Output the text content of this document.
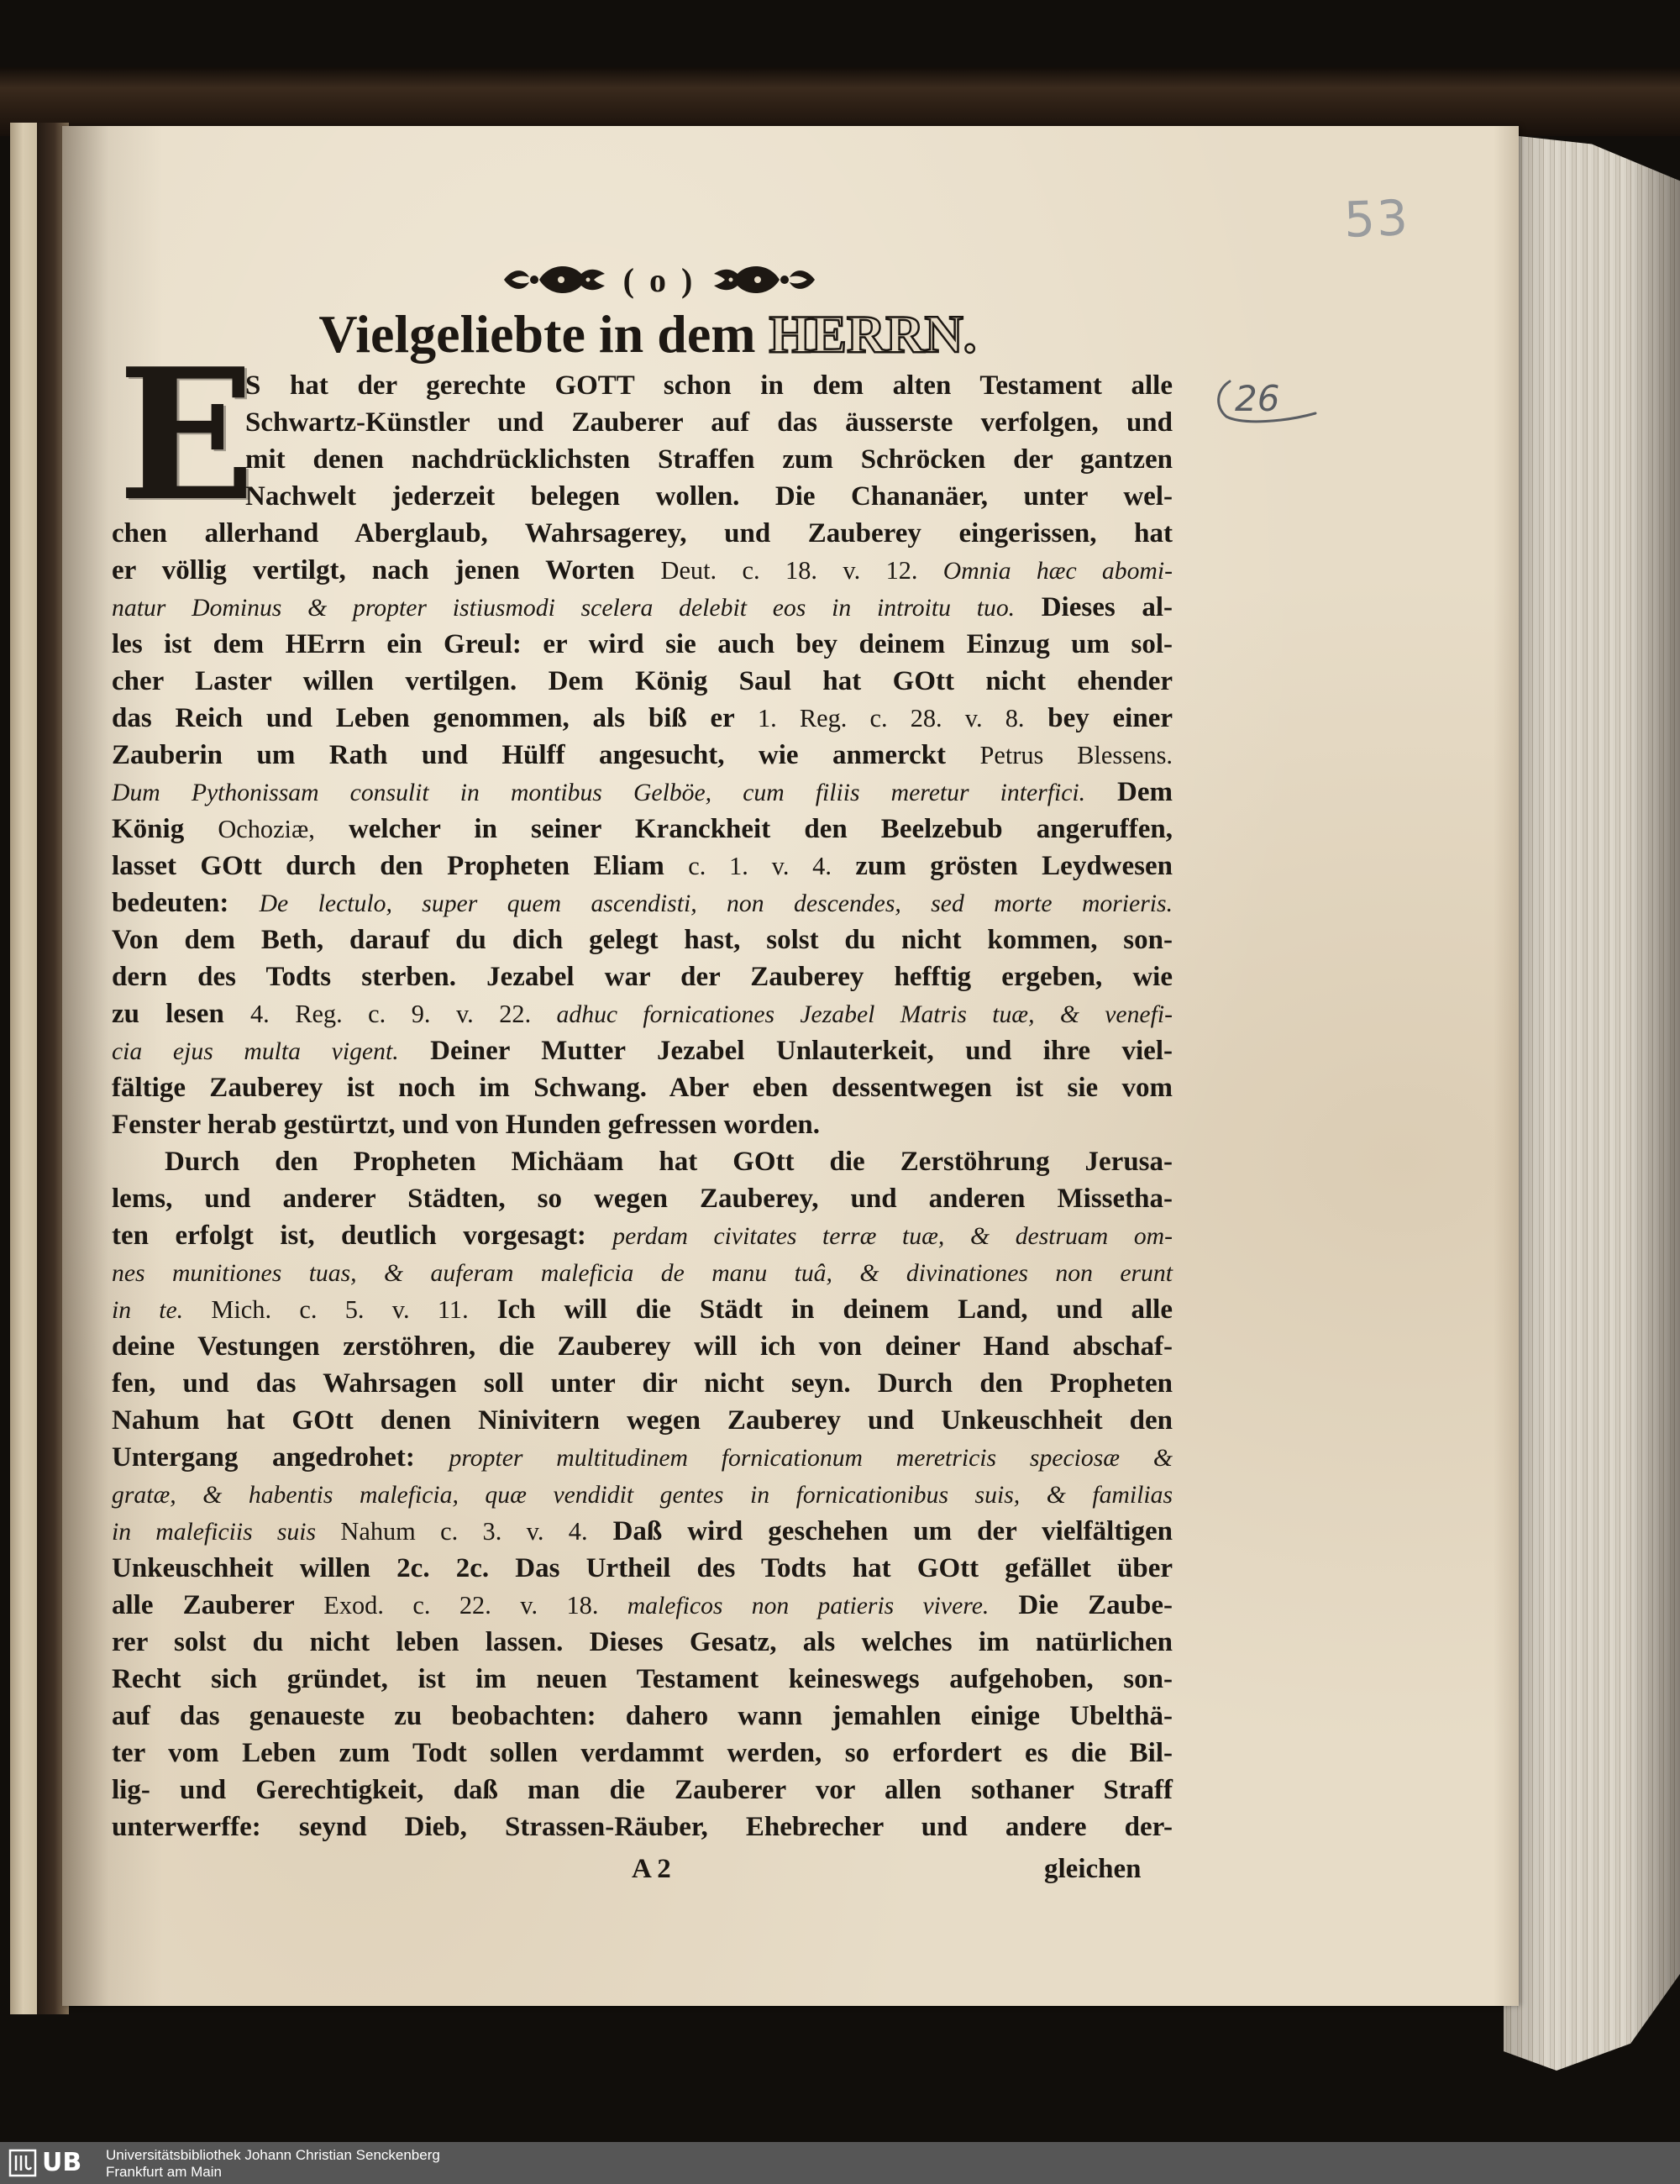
( o )
Vielgeliebte in dem HERRN.
E
S hat der gerechte GOTT schon in dem alten Testament alle
Schwartz-Künstler und Zauberer auf das äusserste verfolgen, und
mit denen nachdrücklichsten Straffen zum Schröcken der gantzen
Nachwelt jederzeit belegen wollen. Die Chananäer, unter wel-
chen allerhand Aberglaub, Wahrsagerey, und Zauberey eingerissen, hat
er völlig vertilgt, nach jenen Worten Deut. c. 18. v. 12. Omnia hæc abomi-
natur Dominus & propter istiusmodi scelera delebit eos in introitu tuo. Dieses al-
les ist dem HErrn ein Greul: er wird sie auch bey deinem Einzug um sol-
cher Laster willen vertilgen. Dem König Saul hat GOtt nicht ehender
das Reich und Leben genommen, als biß er 1. Reg. c. 28. v. 8. bey einer
Zauberin um Rath und Hülff angesucht, wie anmerckt Petrus Blessens.
Dum Pythonissam consulit in montibus Gelböe, cum filiis meretur interfici. Dem
König Ochoziæ, welcher in seiner Kranckheit den Beelzebub angeruffen,
lasset GOtt durch den Propheten Eliam c. 1. v. 4. zum grösten Leydwesen
bedeuten: De lectulo, super quem ascendisti, non descendes, sed morte morieris.
Von dem Beth, darauf du dich gelegt hast, solst du nicht kommen, son-
dern des Todts sterben. Jezabel war der Zauberey hefftig ergeben, wie
zu lesen 4. Reg. c. 9. v. 22. adhuc fornicationes Jezabel Matris tuæ, & venefi-
cia ejus multa vigent. Deiner Mutter Jezabel Unlauterkeit, und ihre viel-
fältige Zauberey ist noch im Schwang. Aber eben dessentwegen ist sie vom
Fenster herab gestürtzt, und von Hunden gefressen worden.
Durch den Propheten Michäam hat GOtt die Zerstöhrung Jerusa-
lems, und anderer Städten, so wegen Zauberey, und anderen Missetha-
ten erfolgt ist, deutlich vorgesagt: perdam civitates terræ tuæ, & destruam om-
nes munitiones tuas, & auferam maleficia de manu tuâ, & divinationes non erunt
in te. Mich. c. 5. v. 11. Ich will die Städt in deinem Land, und alle
deine Vestungen zerstöhren, die Zauberey will ich von deiner Hand abschaf-
fen, und das Wahrsagen soll unter dir nicht seyn. Durch den Propheten
Nahum hat GOtt denen Ninivitern wegen Zauberey und Unkeuschheit den
Untergang angedrohet: propter multitudinem fornicationum meretricis speciosæ &
gratæ, & habentis maleficia, quæ vendidit gentes in fornicationibus suis, & familias
in maleficiis suis Nahum c. 3. v. 4. Daß wird geschehen um der vielfältigen
Unkeuschheit willen 2c. 2c. Das Urtheil des Todts hat GOtt gefället über
alle Zauberer Exod. c. 22. v. 18. maleficos non patieris vivere. Die Zaube-
rer solst du nicht leben lassen. Dieses Gesatz, als welches im natürlichen
Recht sich gründet, ist im neuen Testament keineswegs aufgehoben, son-
auf das genaueste zu beobachten: dahero wann jemahlen einige Ubelthä-
ter vom Leben zum Todt sollen verdammt werden, so erfordert es die Bil-
lig- und Gerechtigkeit, daß man die Zauberer vor allen sothaner Straff
unterwerffe: seynd Dieb, Strassen-Räuber, Ehebrecher und andere der-
A 2	gleichen
53
26
UB	Universitätsbibliothek Johann Christian Senckenberg
Frankfurt am Main
